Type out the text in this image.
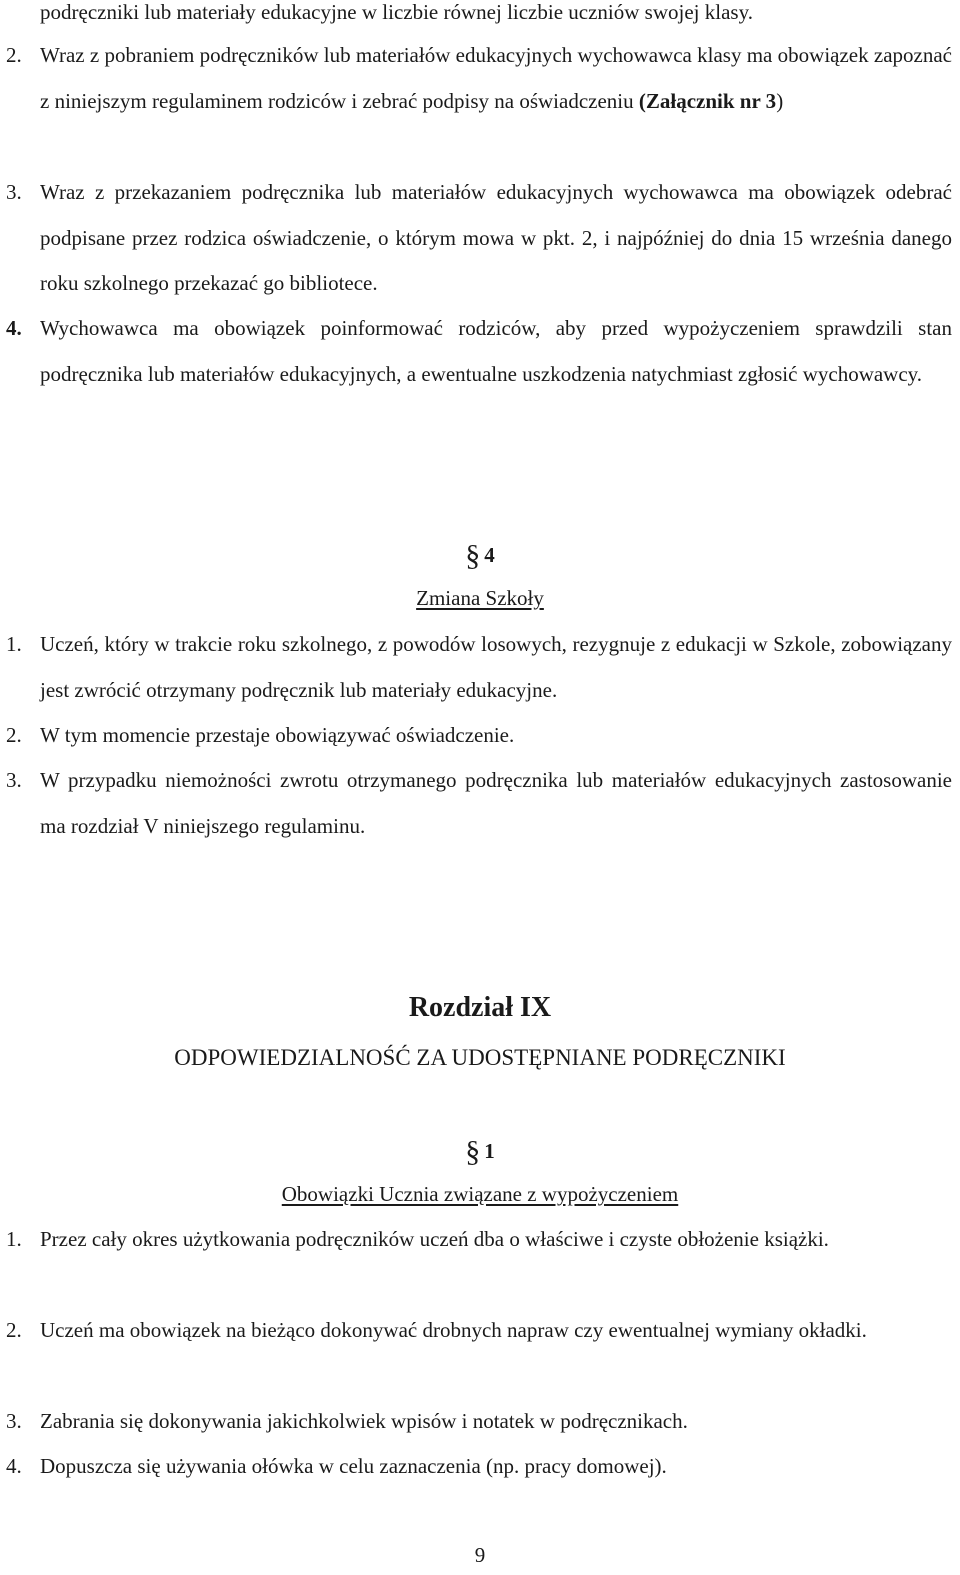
podręczniki lub materiały edukacyjne w liczbie równej liczbie uczniów swojej klasy.

2. Wraz z pobraniem podręczników lub materiałów edukacyjnych wychowawca klasy ma obowiązek zapoznać z niniejszym regulaminem rodziców i zebrać podpisy na oświadczeniu (Załącznik nr 3)
3. Wraz z przekazaniem podręcznika lub materiałów edukacyjnych wychowawca ma obowiązek odebrać podpisane przez rodzica oświadczenie, o którym mowa w pkt. 2, i najpóźniej do dnia 15 września danego roku szkolnego przekazać go bibliotece.
4. Wychowawca ma obowiązek poinformować rodziców, aby przed wypożyczeniem sprawdzili stan podręcznika lub materiałów edukacyjnych, a ewentualne uszkodzenia natychmiast zgłosić wychowawcy.

§ 4

Zmiana Szkoły

1. Uczeń, który w trakcie roku szkolnego, z powodów losowych, rezygnuje z edukacji w Szkole, zobowiązany jest zwrócić otrzymany podręcznik lub materiały edukacyjne.
2. W tym momencie przestaje obowiązywać oświadczenie.
3. W przypadku niemożności zwrotu otrzymanego podręcznika lub materiałów edukacyjnych zastosowanie ma rozdział V niniejszego regulaminu.

Rozdział IX

ODPOWIEDZIALNOŚĆ ZA UDOSTĘPNIANE PODRĘCZNIKI

§ 1

Obowiązki Ucznia związane z wypożyczeniem

1. Przez cały okres użytkowania podręczników uczeń dba o właściwe i czyste obłożenie książki.
2. Uczeń ma obowiązek na bieżąco dokonywać drobnych napraw czy ewentualnej wymiany okładki.
3. Zabrania się dokonywania jakichkolwiek wpisów i notatek w podręcznikach.
4. Dopuszcza się używania ołówka w celu zaznaczenia (np. pracy domowej).

9
